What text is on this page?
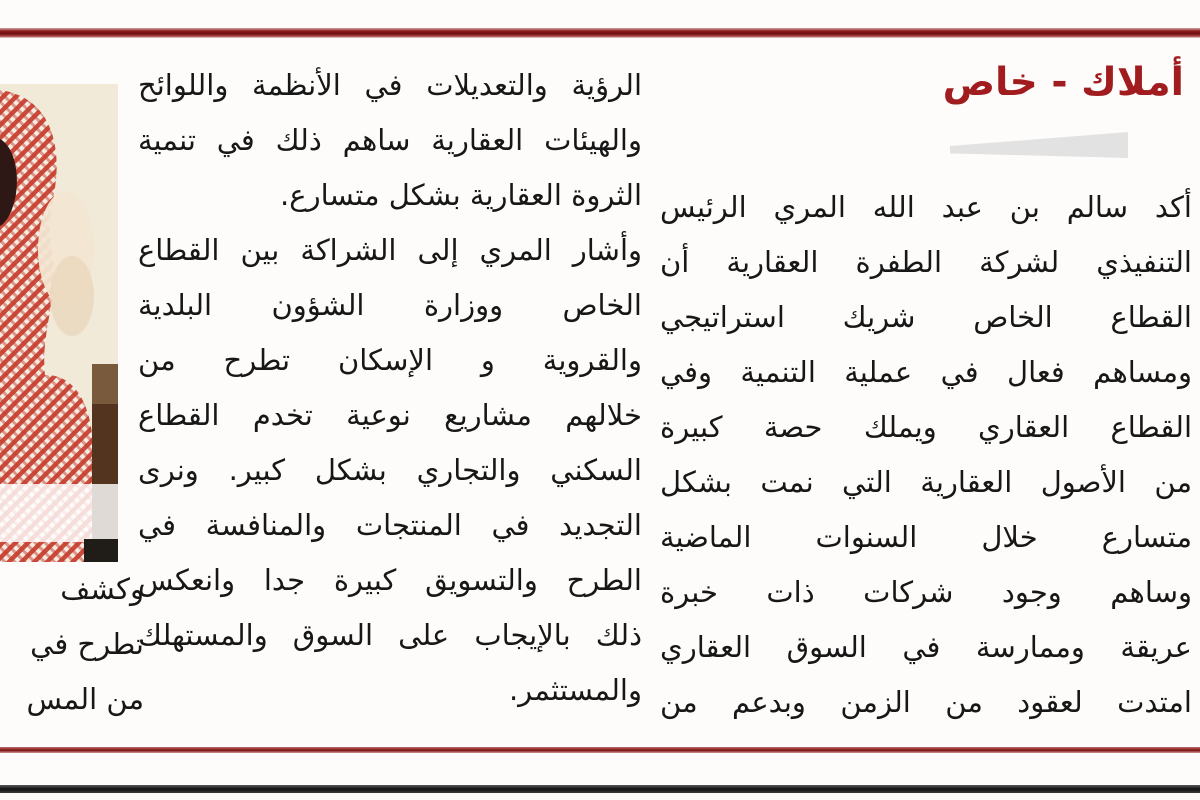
أملاك - خاص
أكد سالم بن عبد الله المري الرئيس
التنفيذي لشركة الطفرة العقارية أن
القطاع الخاص شريك استراتيجي
ومساهم فعال في عملية التنمية وفي
القطاع العقاري ويملك حصة كبيرة
من الأصول العقارية التي نمت بشكل
متسارع خلال السنوات الماضية
وساهم وجود شركات ذات خبرة
عريقة وممارسة في السوق العقاري
امتدت لعقود من الزمن وبدعم من
الرؤية والتعديلات في الأنظمة واللوائح
والهيئات العقارية ساهم ذلك في تنمية
الثروة العقارية بشكل متسارع.
وأشار المري إلى الشراكة بين القطاع
الخاص ووزارة الشؤون البلدية
والقروية و الإسكان تطرح من
خلالهم مشاريع نوعية تخدم القطاع
السكني والتجاري بشكل كبير. ونرى
التجديد في المنتجات والمنافسة في
الطرح والتسويق كبيرة جدا وانعكس
ذلك بالإيجاب على السوق والمستهلك
والمستثمر.
وكشف
تطرح في
من المس
